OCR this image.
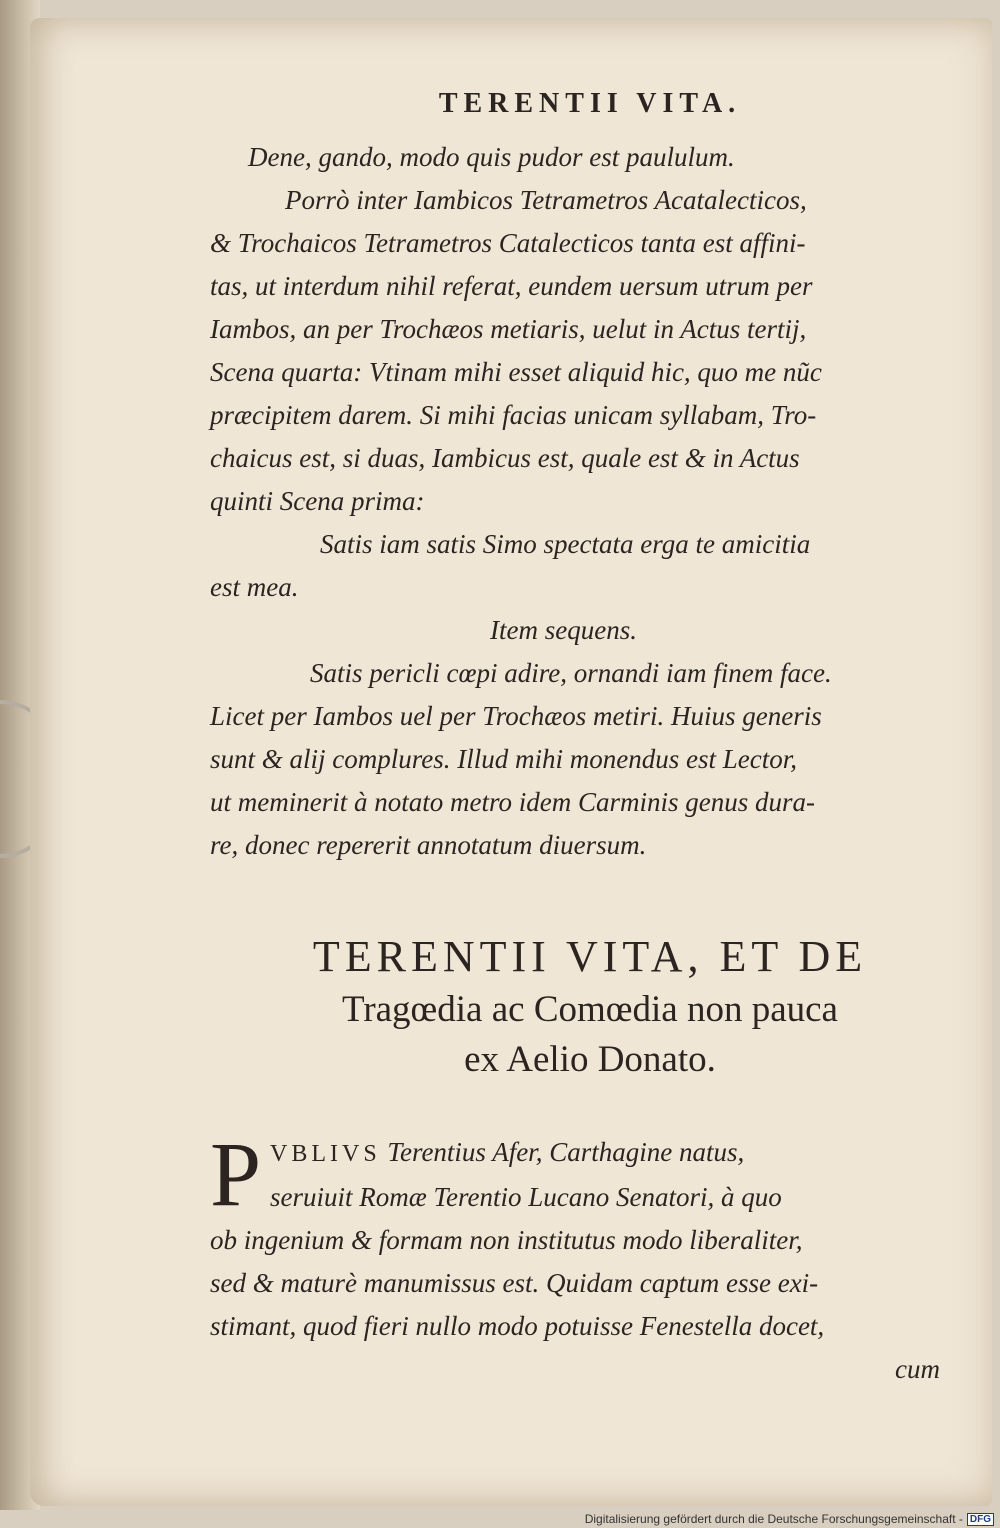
TERENTII VITA.
Dene, gando, modo quis pudor est paululum.
Porrò inter Iambicos Tetrametros Acatalecticos,
& Trochaicos Tetrametros Catalecticos tanta est affini-
tas, ut interdum nihil referat, eundem uersum utrum per
Iambos, an per Trochæos metiaris, uelut in Actus tertij,
Scena quarta: Vtinam mihi esset aliquid hic, quo me nũc
præcipitem darem. Si mihi facias unicam syllabam, Tro-
chaicus est, si duas, Iambicus est, quale est & in Actus
quinti Scena prima:
Satis iam satis Simo spectata erga te amicitia
est mea.
Item sequens.
Satis pericli cœpi adire, ornandi iam finem face.
Licet per Iambos uel per Trochæos metiri. Huius generis
sunt & alij complures. Illud mihi monendus est Lector,
ut meminerit à notato metro idem Carminis genus dura-
re, donec repererit annotatum diuersum.
TERENTII VITA, ET DE
Tragœdia ac Comœdia non pauca
ex Aelio Donato.
P VBLIVS Terentius Afer, Carthagine natus,
seruiuit Romæ Terentio Lucano Senatori, à quo
ob ingenium & formam non institutus modo liberaliter,
sed & maturè manumissus est. Quidam captum esse exi-
stimant, quod fieri nullo modo potuisse Fenestella docet,
cum
Digitalisierung gefördert durch die Deutsche Forschungsgemeinschaft - DFG
